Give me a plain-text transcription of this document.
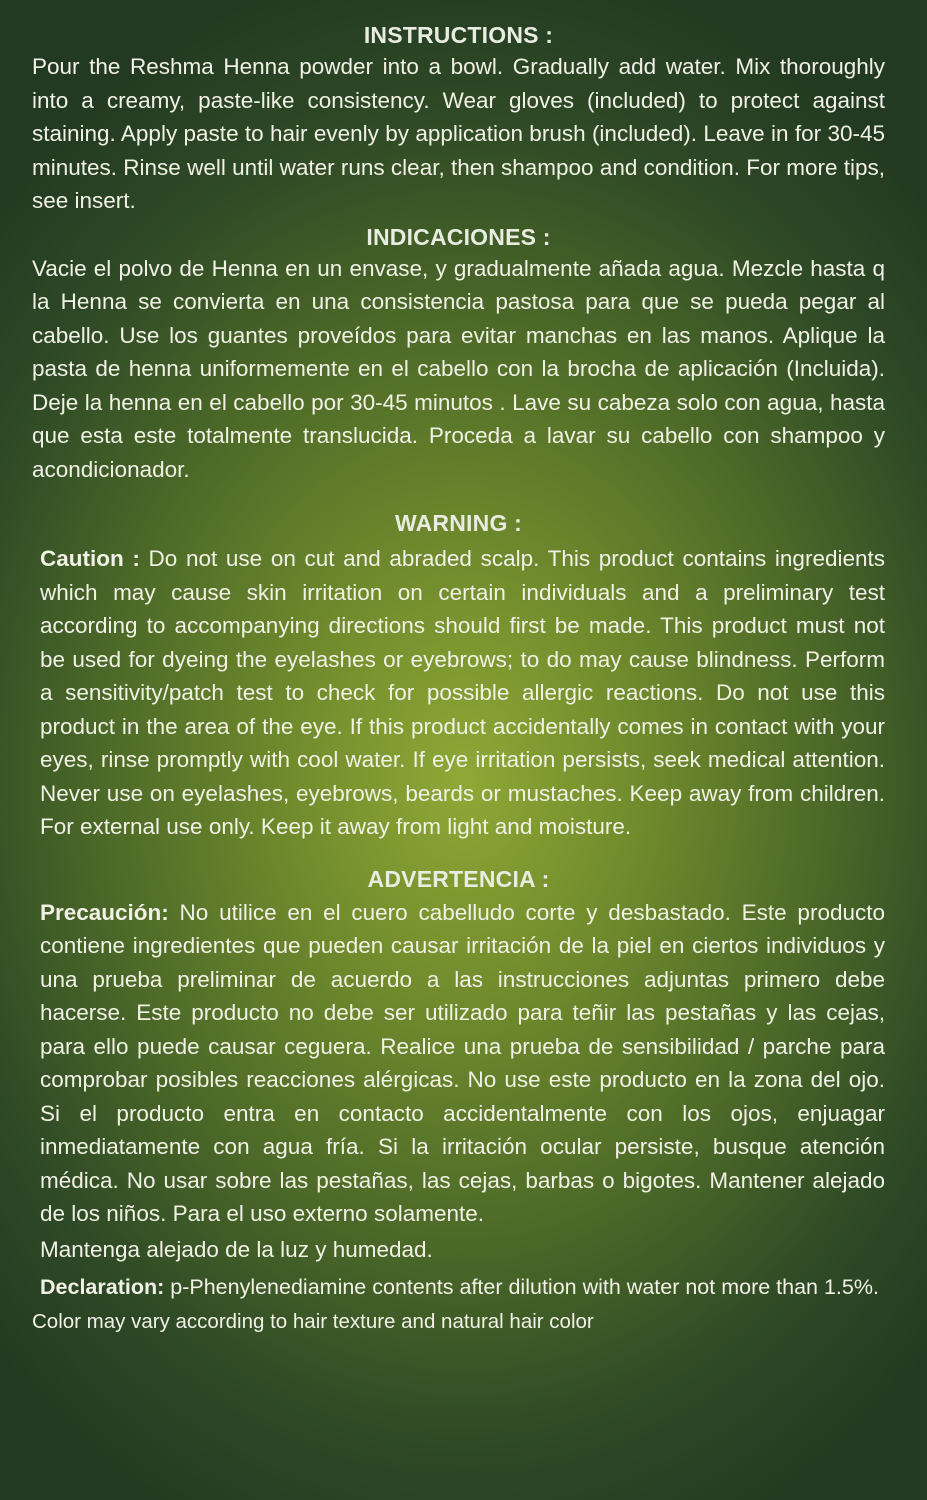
INSTRUCTIONS :

Pour the Reshma Henna powder into a bowl. Gradually add water. Mix thoroughly into a creamy, paste-like consistency. Wear gloves (included) to protect against staining. Apply paste to hair evenly by application brush (included). Leave in for 30-45 minutes. Rinse well until water runs clear, then shampoo and condition. For more tips, see insert.

INDICACIONES :

Vacie el polvo de Henna en un envase, y gradualmente añada agua. Mezcle hasta q la Henna se convierta en una consistencia pastosa para que se pueda pegar al cabello. Use los guantes proveídos para evitar manchas en las manos. Aplique la pasta de henna uniformemente en el cabello con la brocha de aplicación (Incluida). Deje la henna en el cabello por 30-45 minutos . Lave su cabeza solo con agua, hasta que esta este totalmente translucida. Proceda a lavar su cabello con shampoo y acondicionador.

WARNING :

Caution : Do not use on cut and abraded scalp. This product contains ingredients which may cause skin irritation on certain individuals and a preliminary test according to accompanying directions should first be made. This product must not be used for dyeing the eyelashes or eyebrows; to do may cause blindness. Perform a sensitivity/patch test to check for possible allergic reactions. Do not use this product in the area of the eye. If this product accidentally comes in contact with your eyes, rinse promptly with cool water. If eye irritation persists, seek medical attention. Never use on eyelashes, eyebrows, beards or mustaches. Keep away from children. For external use only. Keep it away from light and moisture.

ADVERTENCIA :

Precaución: No utilice en el cuero cabelludo corte y desbastado. Este producto contiene ingredientes que pueden causar irritación de la piel en ciertos individuos y una prueba preliminar de acuerdo a las instrucciones adjuntas primero debe hacerse. Este producto no debe ser utilizado para teñir las pestañas y las cejas, para ello puede causar ceguera. Realice una prueba de sensibilidad / parche para comprobar posibles reacciones alérgicas. No use este producto en la zona del ojo. Si el producto entra en contacto accidentalmente con los ojos, enjuagar inmediatamente con agua fría. Si la irritación ocular persiste, busque atención médica. No usar sobre las pestañas, las cejas, barbas o bigotes. Mantener alejado de los niños. Para el uso externo solamente.

Mantenga alejado de la luz y humedad.

Declaration: p-Phenylenediamine contents after dilution with water not more than 1.5%.

Color may vary according to hair texture and natural hair color
